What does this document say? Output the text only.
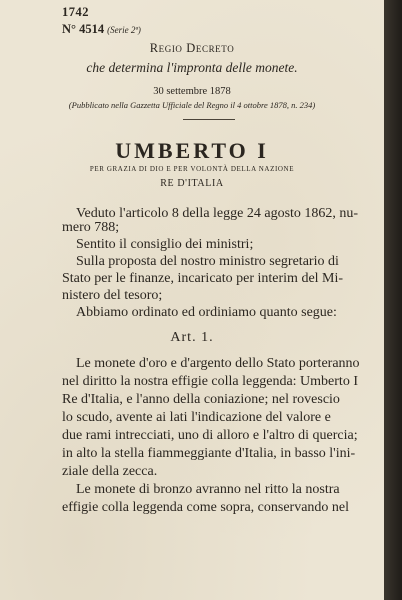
1742
N° 4514 (Serie 2ª)
Regio Decreto
che determina l'impronta delle monete.
30 settembre 1878
(Pubblicato nella Gazzetta Ufficiale del Regno il 4 ottobre 1878, n. 234)
UMBERTO I
PER GRAZIA DI DIO E PER VOLONTÀ DELLA NAZIONE
RE D'ITALIA
Veduto l'articolo 8 della legge 24 agosto 1862, nu-
mero 788;
Sentito il consiglio dei ministri;
Sulla proposta del nostro ministro segretario di
Stato per le finanze, incaricato per interim del Mi-
nistero del tesoro;
Abbiamo ordinato ed ordiniamo quanto segue:
Art. 1.
Le monete d'oro e d'argento dello Stato porteranno
nel diritto la nostra effigie colla leggenda: Umberto I
Re d'Italia, e l'anno della coniazione; nel rovescio
lo scudo, avente ai lati l'indicazione del valore e
due rami intrecciati, uno di alloro e l'altro di quercia;
in alto la stella fiammeggiante d'Italia, in basso l'ini-
ziale della zecca.
Le monete di bronzo avranno nel ritto la nostra
effigie colla leggenda come sopra, conservando nel
